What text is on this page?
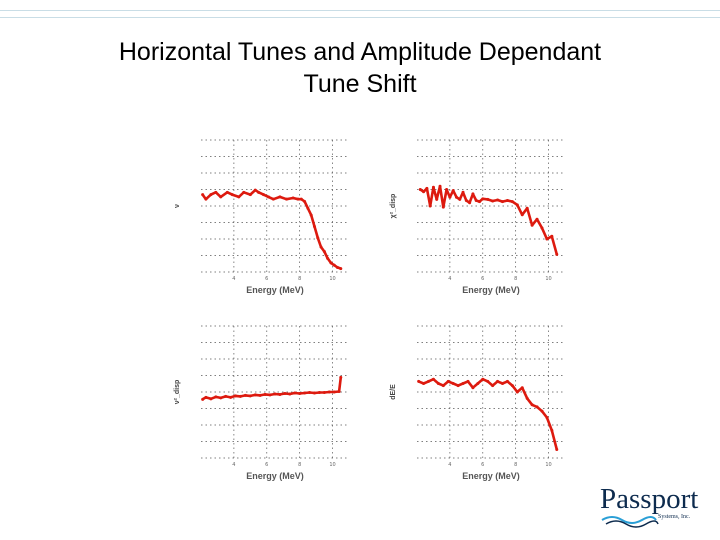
Horizontal Tunes and Amplitude Dependant
Tune Shift
4	6	8	10
Energy (MeV)
ν
4	6	8	10
Energy (MeV)
χ²_disp
4	6	8	10
Energy (MeV)
ν²_disp
4	6	8	10
Energy (MeV)
dE/E
Passport
Systems, Inc.
